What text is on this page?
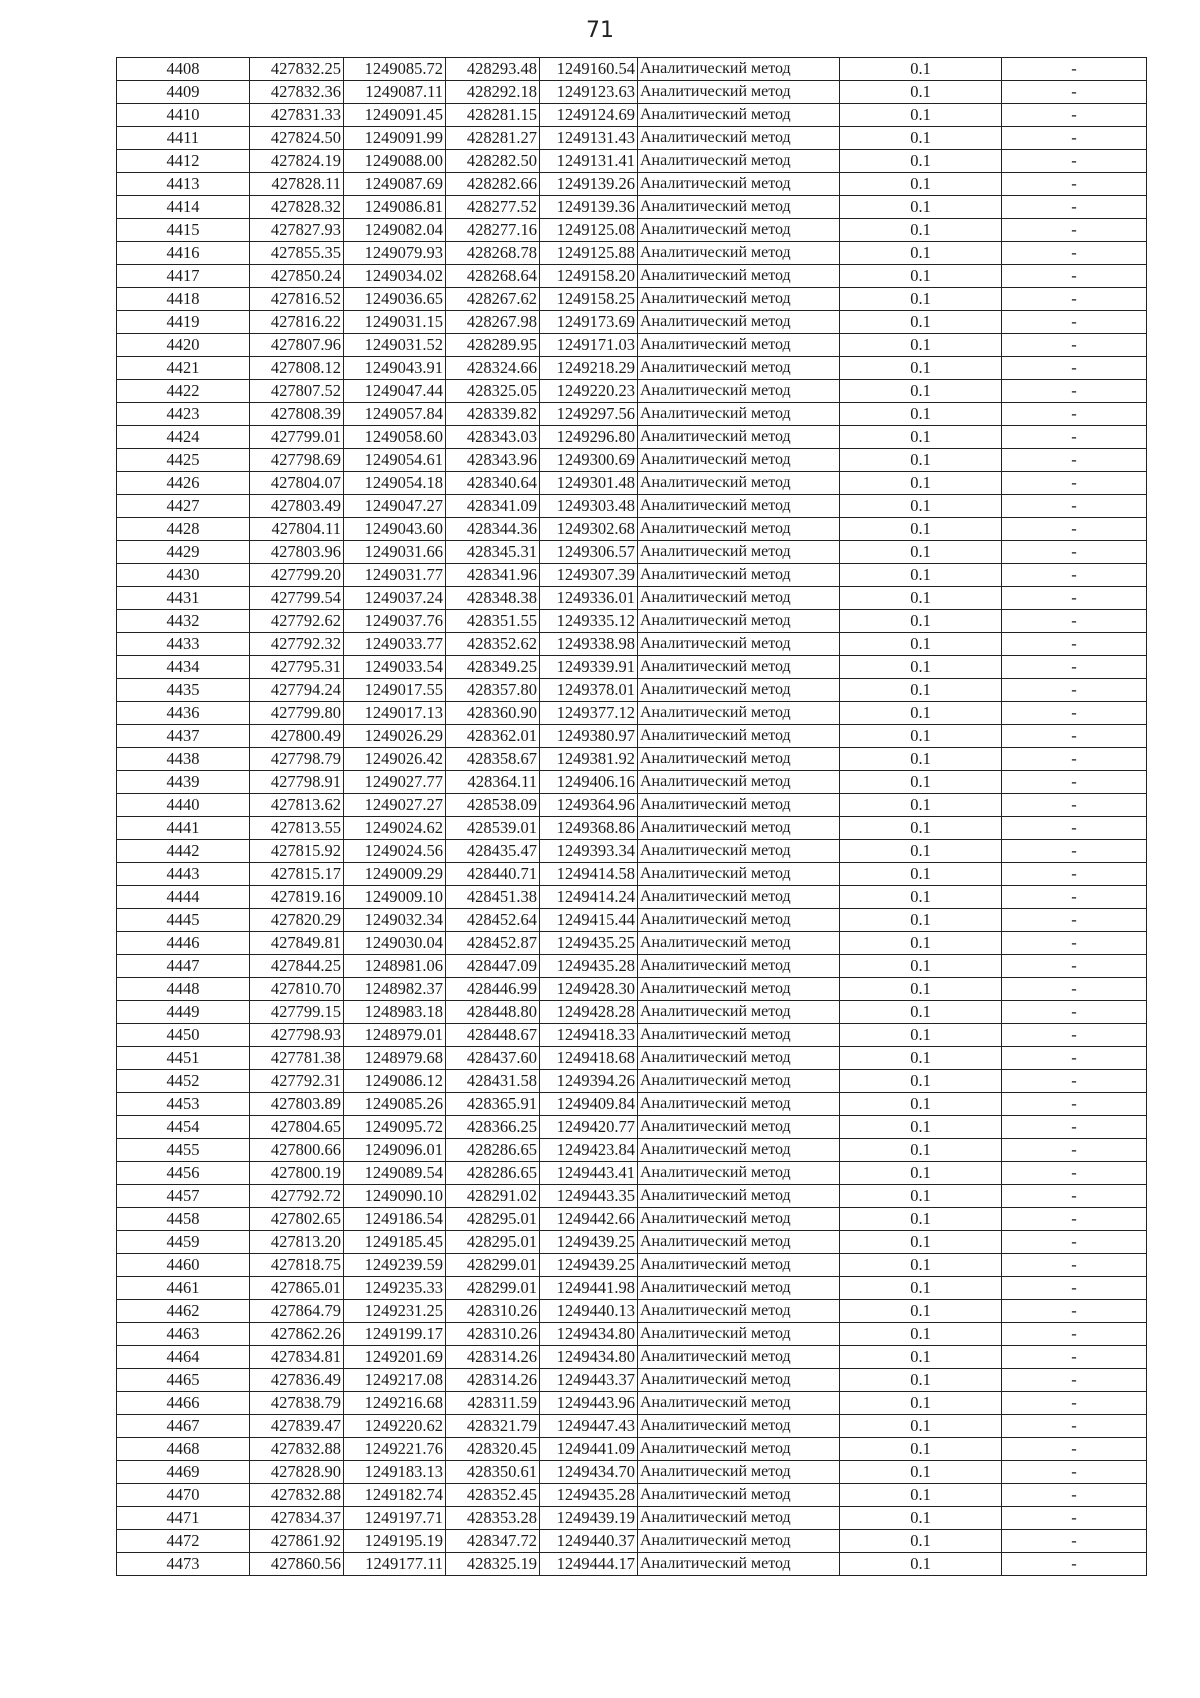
71
4408	427832.25	1249085.72	428293.48	1249160.54	Аналитический метод	0.1	-
4409	427832.36	1249087.11	428292.18	1249123.63	Аналитический метод	0.1	-
4410	427831.33	1249091.45	428281.15	1249124.69	Аналитический метод	0.1	-
4411	427824.50	1249091.99	428281.27	1249131.43	Аналитический метод	0.1	-
4412	427824.19	1249088.00	428282.50	1249131.41	Аналитический метод	0.1	-
4413	427828.11	1249087.69	428282.66	1249139.26	Аналитический метод	0.1	-
4414	427828.32	1249086.81	428277.52	1249139.36	Аналитический метод	0.1	-
4415	427827.93	1249082.04	428277.16	1249125.08	Аналитический метод	0.1	-
4416	427855.35	1249079.93	428268.78	1249125.88	Аналитический метод	0.1	-
4417	427850.24	1249034.02	428268.64	1249158.20	Аналитический метод	0.1	-
4418	427816.52	1249036.65	428267.62	1249158.25	Аналитический метод	0.1	-
4419	427816.22	1249031.15	428267.98	1249173.69	Аналитический метод	0.1	-
4420	427807.96	1249031.52	428289.95	1249171.03	Аналитический метод	0.1	-
4421	427808.12	1249043.91	428324.66	1249218.29	Аналитический метод	0.1	-
4422	427807.52	1249047.44	428325.05	1249220.23	Аналитический метод	0.1	-
4423	427808.39	1249057.84	428339.82	1249297.56	Аналитический метод	0.1	-
4424	427799.01	1249058.60	428343.03	1249296.80	Аналитический метод	0.1	-
4425	427798.69	1249054.61	428343.96	1249300.69	Аналитический метод	0.1	-
4426	427804.07	1249054.18	428340.64	1249301.48	Аналитический метод	0.1	-
4427	427803.49	1249047.27	428341.09	1249303.48	Аналитический метод	0.1	-
4428	427804.11	1249043.60	428344.36	1249302.68	Аналитический метод	0.1	-
4429	427803.96	1249031.66	428345.31	1249306.57	Аналитический метод	0.1	-
4430	427799.20	1249031.77	428341.96	1249307.39	Аналитический метод	0.1	-
4431	427799.54	1249037.24	428348.38	1249336.01	Аналитический метод	0.1	-
4432	427792.62	1249037.76	428351.55	1249335.12	Аналитический метод	0.1	-
4433	427792.32	1249033.77	428352.62	1249338.98	Аналитический метод	0.1	-
4434	427795.31	1249033.54	428349.25	1249339.91	Аналитический метод	0.1	-
4435	427794.24	1249017.55	428357.80	1249378.01	Аналитический метод	0.1	-
4436	427799.80	1249017.13	428360.90	1249377.12	Аналитический метод	0.1	-
4437	427800.49	1249026.29	428362.01	1249380.97	Аналитический метод	0.1	-
4438	427798.79	1249026.42	428358.67	1249381.92	Аналитический метод	0.1	-
4439	427798.91	1249027.77	428364.11	1249406.16	Аналитический метод	0.1	-
4440	427813.62	1249027.27	428538.09	1249364.96	Аналитический метод	0.1	-
4441	427813.55	1249024.62	428539.01	1249368.86	Аналитический метод	0.1	-
4442	427815.92	1249024.56	428435.47	1249393.34	Аналитический метод	0.1	-
4443	427815.17	1249009.29	428440.71	1249414.58	Аналитический метод	0.1	-
4444	427819.16	1249009.10	428451.38	1249414.24	Аналитический метод	0.1	-
4445	427820.29	1249032.34	428452.64	1249415.44	Аналитический метод	0.1	-
4446	427849.81	1249030.04	428452.87	1249435.25	Аналитический метод	0.1	-
4447	427844.25	1248981.06	428447.09	1249435.28	Аналитический метод	0.1	-
4448	427810.70	1248982.37	428446.99	1249428.30	Аналитический метод	0.1	-
4449	427799.15	1248983.18	428448.80	1249428.28	Аналитический метод	0.1	-
4450	427798.93	1248979.01	428448.67	1249418.33	Аналитический метод	0.1	-
4451	427781.38	1248979.68	428437.60	1249418.68	Аналитический метод	0.1	-
4452	427792.31	1249086.12	428431.58	1249394.26	Аналитический метод	0.1	-
4453	427803.89	1249085.26	428365.91	1249409.84	Аналитический метод	0.1	-
4454	427804.65	1249095.72	428366.25	1249420.77	Аналитический метод	0.1	-
4455	427800.66	1249096.01	428286.65	1249423.84	Аналитический метод	0.1	-
4456	427800.19	1249089.54	428286.65	1249443.41	Аналитический метод	0.1	-
4457	427792.72	1249090.10	428291.02	1249443.35	Аналитический метод	0.1	-
4458	427802.65	1249186.54	428295.01	1249442.66	Аналитический метод	0.1	-
4459	427813.20	1249185.45	428295.01	1249439.25	Аналитический метод	0.1	-
4460	427818.75	1249239.59	428299.01	1249439.25	Аналитический метод	0.1	-
4461	427865.01	1249235.33	428299.01	1249441.98	Аналитический метод	0.1	-
4462	427864.79	1249231.25	428310.26	1249440.13	Аналитический метод	0.1	-
4463	427862.26	1249199.17	428310.26	1249434.80	Аналитический метод	0.1	-
4464	427834.81	1249201.69	428314.26	1249434.80	Аналитический метод	0.1	-
4465	427836.49	1249217.08	428314.26	1249443.37	Аналитический метод	0.1	-
4466	427838.79	1249216.68	428311.59	1249443.96	Аналитический метод	0.1	-
4467	427839.47	1249220.62	428321.79	1249447.43	Аналитический метод	0.1	-
4468	427832.88	1249221.76	428320.45	1249441.09	Аналитический метод	0.1	-
4469	427828.90	1249183.13	428350.61	1249434.70	Аналитический метод	0.1	-
4470	427832.88	1249182.74	428352.45	1249435.28	Аналитический метод	0.1	-
4471	427834.37	1249197.71	428353.28	1249439.19	Аналитический метод	0.1	-
4472	427861.92	1249195.19	428347.72	1249440.37	Аналитический метод	0.1	-
4473	427860.56	1249177.11	428325.19	1249444.17	Аналитический метод	0.1	-
